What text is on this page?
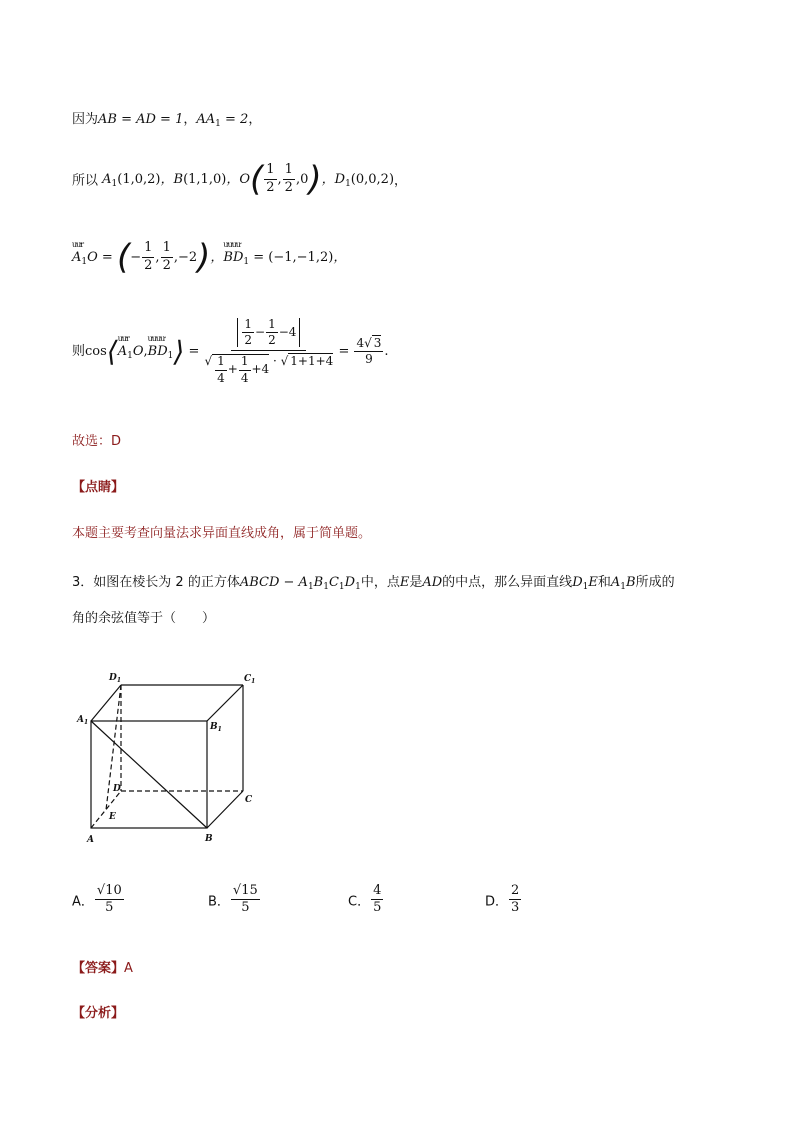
因为AB = AD = 1，$AA_1 = 2$，
所以 $A_1(1,0,2)$，B(1,1,0)，$O( \frac{1}{2}$ , $\frac{1}{2} ,0$)，$D_1(0,0,2)$，
ưưr
$A_1O$ = (− $\frac{1}{2}$ , $\frac{1}{2} ,-2$)，
ưưưư
$BD_1 = (-1,-1,2)$，
则cos⟨ ưưr
$A_1O$,
ưưưư
$BD_1⟩ = \frac{\frac{1}{2} - \frac{1}{2} -4}{√ \frac{1}{4} + \frac{1}{4} +4 \cdot √ 1+1+4} = \frac{4√ 3}{9}$ .
故选：D
【点睛】
本题主要考查向量法求异面直线成角，属于简单题。
3．如图在棱长为 2 的正方体ABCD − $A_1B_1C_1D_1$中，点E是AD的中点，那么异面直线$D_1E$和$A_1B$所成的
角的余弦值等于（　　）
$D_1$	$C_1$
$A_1$	$B_1$
D
C
E
A	B
A． $\frac{√10}{5}$	B． $\frac{√15}{5}$	C． $\frac{4}{5}$	D． $\frac{2}{3}$
【答案】A
【分析】
